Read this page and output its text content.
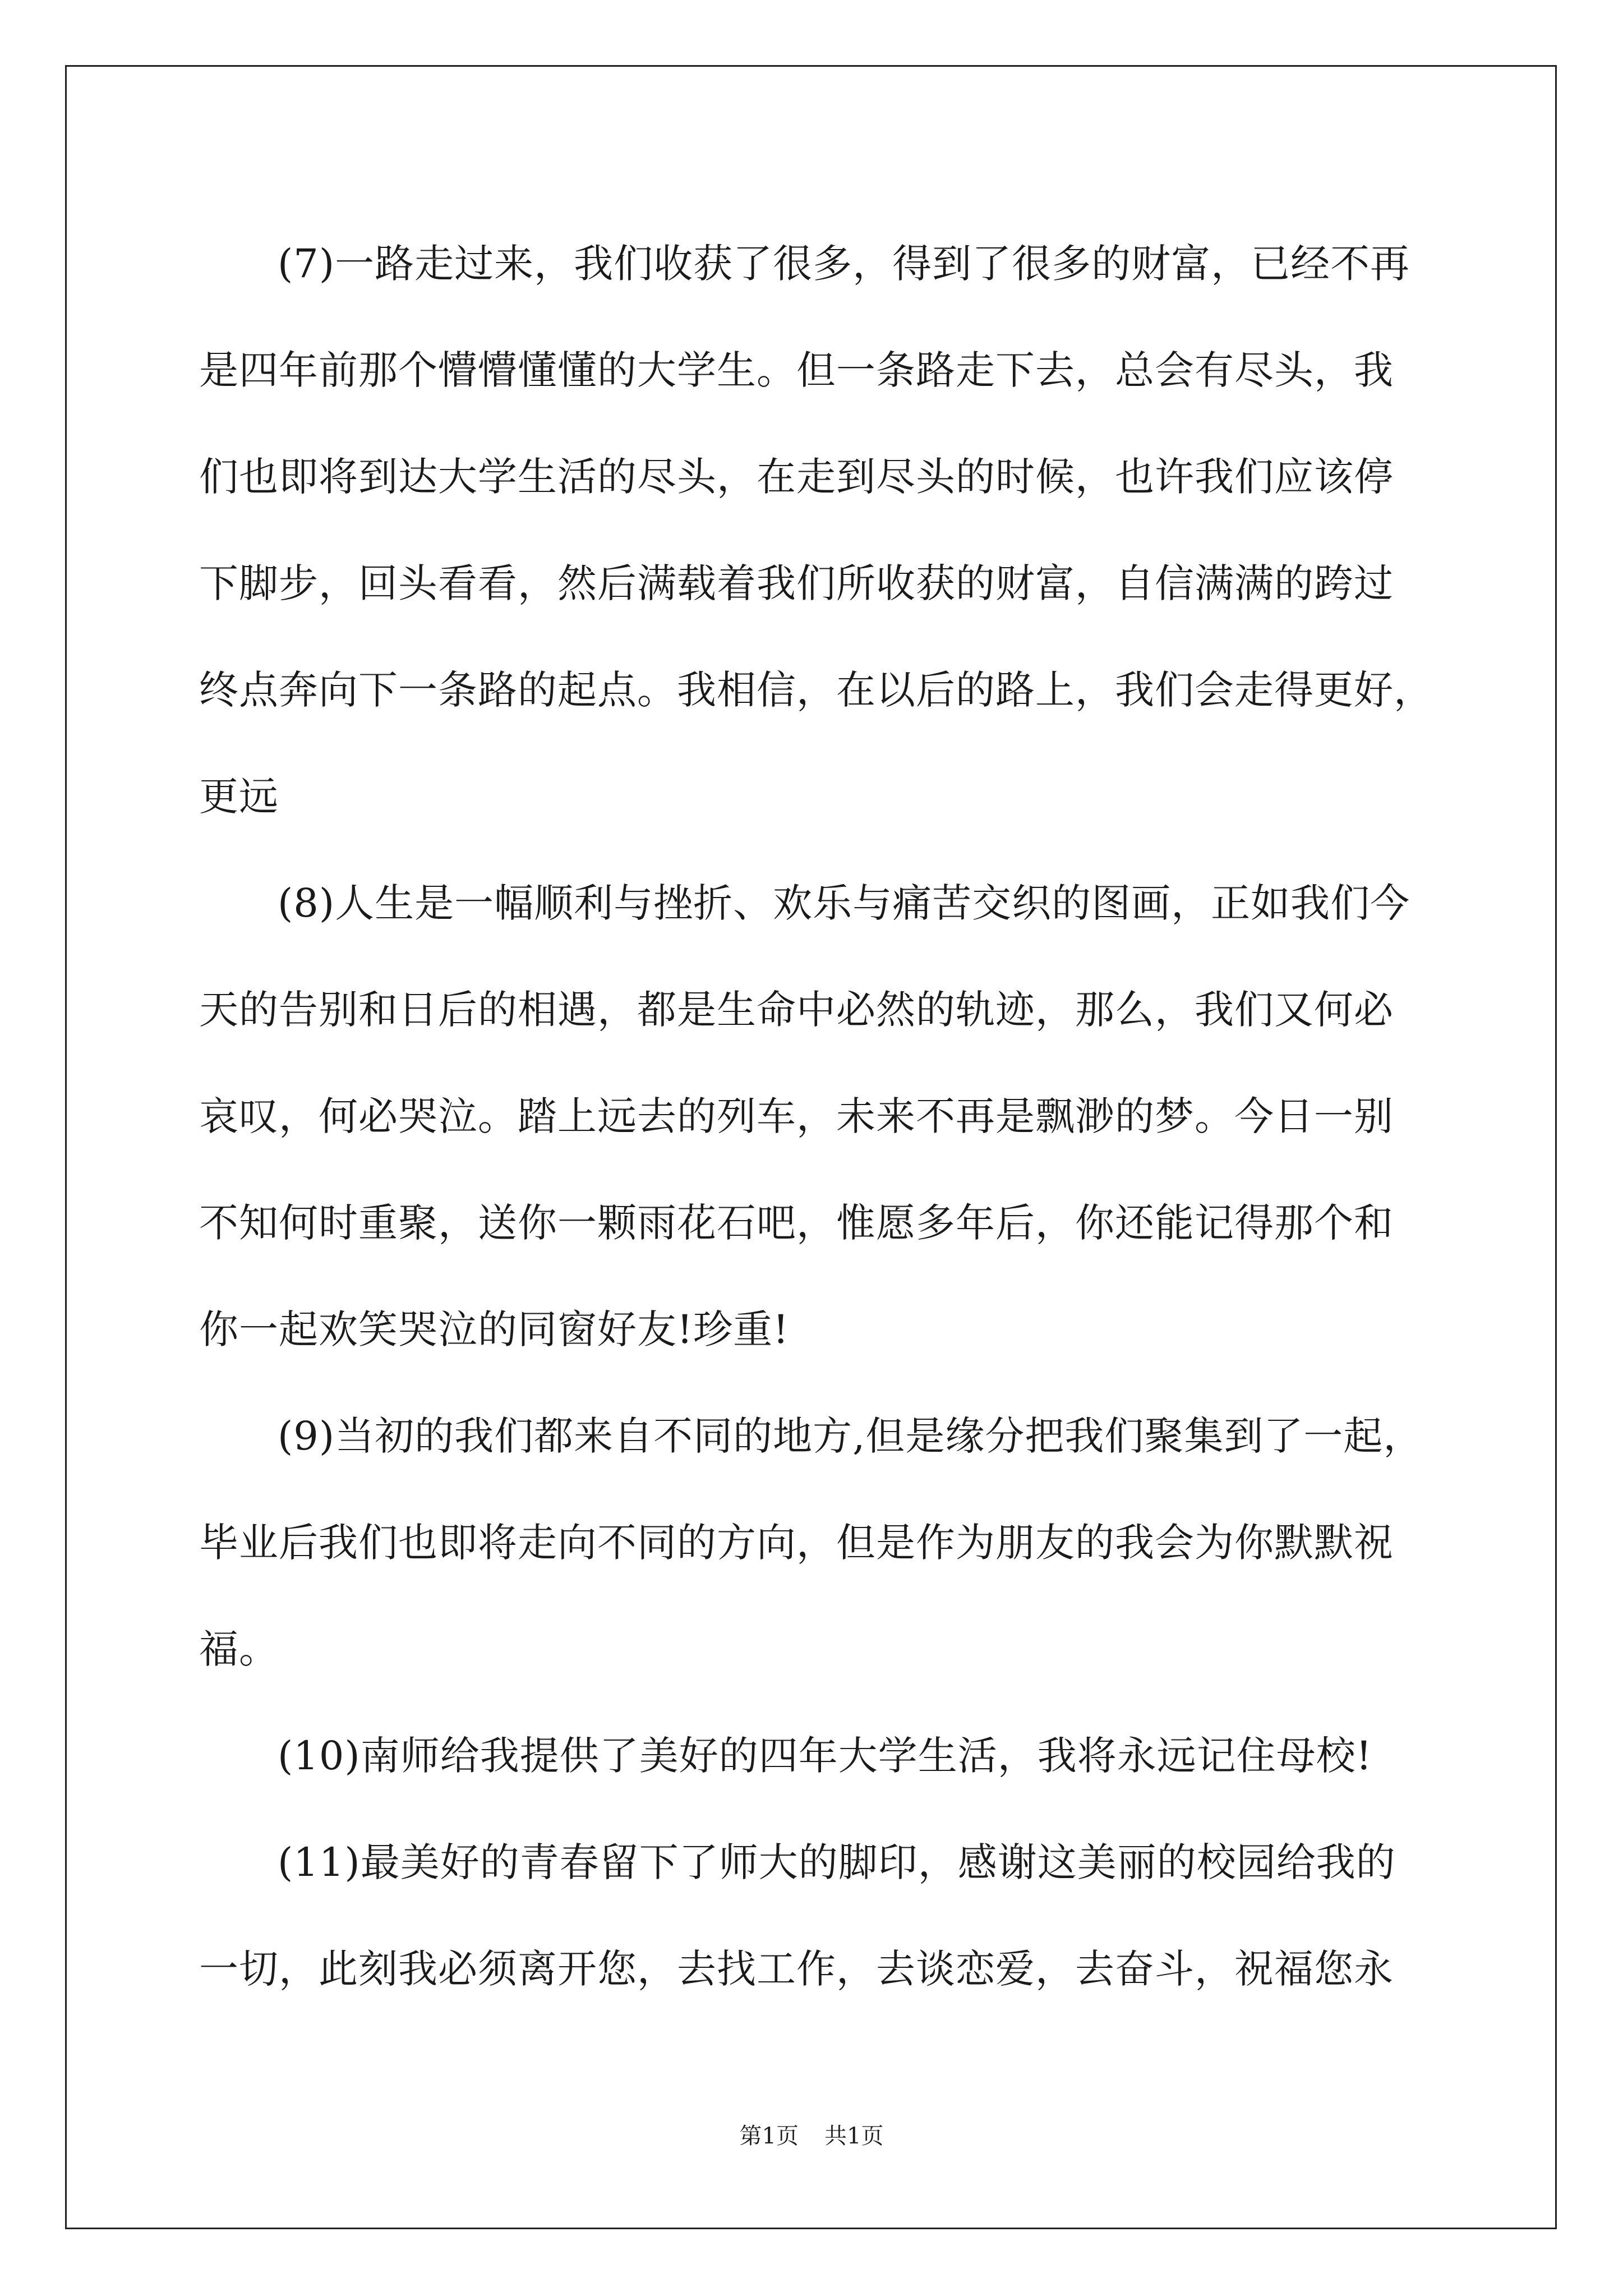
(7)一路走过来，我们收获了很多，得到了很多的财富，已经不再
是四年前那个懵懵懂懂的大学生。但一条路走下去，总会有尽头，我
们也即将到达大学生活的尽头，在走到尽头的时候，也许我们应该停
下脚步，回头看看，然后满载着我们所收获的财富，自信满满的跨过
终点奔向下一条路的起点。我相信，在以后的路上，我们会走得更好，
更远
(8)人生是一幅顺利与挫折、欢乐与痛苦交织的图画，正如我们今
天的告别和日后的相遇，都是生命中必然的轨迹，那么，我们又何必
哀叹，何必哭泣。踏上远去的列车，未来不再是飘渺的梦。今日一别
不知何时重聚，送你一颗雨花石吧，惟愿多年后，你还能记得那个和
你一起欢笑哭泣的同窗好友!珍重!
(9)当初的我们都来自不同的地方,但是缘分把我们聚集到了一起，
毕业后我们也即将走向不同的方向，但是作为朋友的我会为你默默祝
福。
(10)南师给我提供了美好的四年大学生活，我将永远记住母校!
(11)最美好的青春留下了师大的脚印，感谢这美丽的校园给我的
一切，此刻我必须离开您，去找工作，去谈恋爱，去奋斗，祝福您永
第1页 共1页
